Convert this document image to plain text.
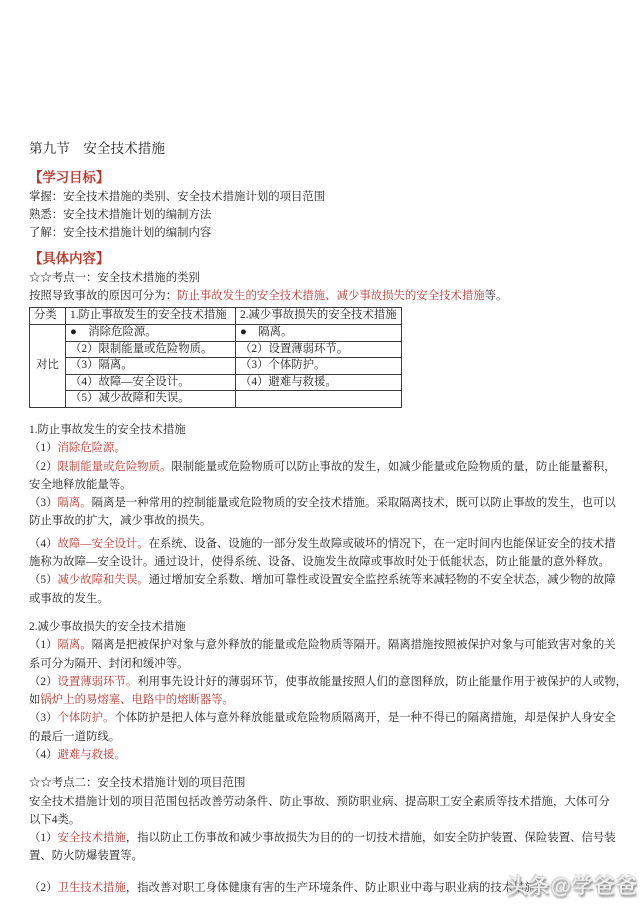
第九节　安全技术措施

【学习目标】

掌握：安全技术措施的类别、安全技术措施计划的项目范围

熟悉：安全技术措施计划的编制方法

了解：安全技术措施计划的编制内容

【具体内容】

☆☆考点一：安全技术措施的类别

按照导致事故的原因可分为：防止事故发生的安全技术措施、减少事故损失的安全技术措施等。

分类	1.防止事故发生的安全技术措施	2.减少事故损失的安全技术措施
对比	●　消除危险源。	●　隔离。
	（2）限制能量或危险物质。	（2）设置薄弱环节。
	（3）隔离。	（3）个体防护。
	（4）故障—安全设计。	（4）避难与救援。
	（5）减少故障和失误。	

1.防止事故发生的安全技术措施

（1）消除危险源。

（2）限制能量或危险物质。限制能量或危险物质可以防止事故的发生，如减少能量或危险物质的量，防止能量蓄积，

安全地释放能量等。

（3）隔离。隔离是一种常用的控制能量或危险物质的安全技术措施。采取隔离技术，既可以防止事故的发生，也可以

防止事故的扩大，减少事故的损失。

（4）故障—安全设计。在系统、设备、设施的一部分发生故障或破坏的情况下，在一定时间内也能保证安全的技术措

施称为故障—安全设计。通过设计，使得系统、设备、设施发生故障或事故时处于低能状态，防止能量的意外释放。

（5）减少故障和失误。通过增加安全系数、增加可靠性或设置安全监控系统等来减轻物的不安全状态，减少物的故障

或事故的发生。

2.减少事故损失的安全技术措施

（1）隔离。隔离是把被保护对象与意外释放的能量或危险物质等隔开。隔离措施按照被保护对象与可能致害对象的关

系可分为隔开、封闭和缓冲等。

（2）设置薄弱环节。利用事先设计好的薄弱环节，使事故能量按照人们的意图释放，防止能量作用于被保护的人或物，

如锅炉上的易熔塞、电路中的熔断器等。

（3）个体防护。个体防护是把人体与意外释放能量或危险物质隔离开，是一种不得已的隔离措施，却是保护人身安全

的最后一道防线。

（4）避难与救援。

☆☆考点二：安全技术措施计划的项目范围

安全技术措施计划的项目范围包括改善劳动条件、防止事故、预防职业病、提高职工安全素质等技术措施，大体可分

以下4类。

（1）安全技术措施，指以防止工伤事故和减少事故损失为目的的一切技术措施，如安全防护装置、保险装置、信号装

置、防火防爆装置等。

（2）卫生技术措施，指改善对职工身体健康有害的生产环境条件、防止职业中毒与职业病的技术措施

头条@学爸爸
